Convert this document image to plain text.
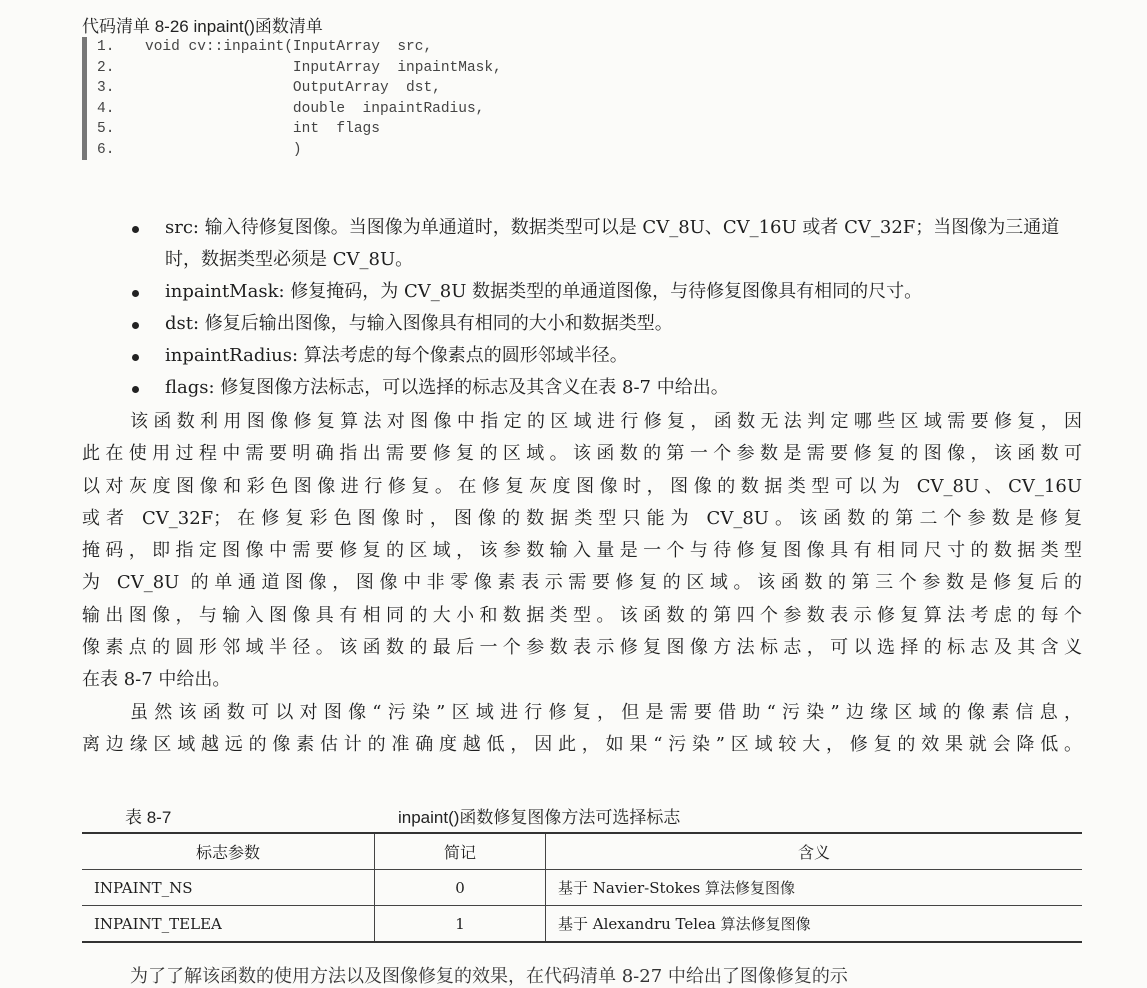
代码清单 8-26 inpaint()函数清单
1. void cv::inpaint(InputArray  src,
2.                 InputArray  inpaintMask,
3.                 OutputArray  dst,
4.                 double  inpaintRadius,
5.                 int  flags
6.                 )
src: 输入待修复图像。当图像为单通道时，数据类型可以是 CV_8U、CV_16U 或者 CV_32F；当图像为三通道时，数据类型必须是 CV_8U。
inpaintMask: 修复掩码，为 CV_8U 数据类型的单通道图像，与待修复图像具有相同的尺寸。
dst: 修复后输出图像，与输入图像具有相同的大小和数据类型。
inpaintRadius: 算法考虑的每个像素点的圆形邻域半径。
flags: 修复图像方法标志，可以选择的标志及其含义在表 8-7 中给出。
该函数利用图像修复算法对图像中指定的区域进行修复，函数无法判定哪些区域需要修复，因
此在使用过程中需要明确指出需要修复的区域。该函数的第一个参数是需要修复的图像，该函数可
以对灰度图像和彩色图像进行修复。在修复灰度图像时，图像的数据类型可以为 CV_8U、CV_16U
或者 CV_32F；在修复彩色图像时，图像的数据类型只能为 CV_8U。该函数的第二个参数是修复
掩码，即指定图像中需要修复的区域，该参数输入量是一个与待修复图像具有相同尺寸的数据类型
为 CV_8U 的单通道图像，图像中非零像素表示需要修复的区域。该函数的第三个参数是修复后的
输出图像，与输入图像具有相同的大小和数据类型。该函数的第四个参数表示修复算法考虑的每个
像素点的圆形邻域半径。该函数的最后一个参数表示修复图像方法标志，可以选择的标志及其含义
在表 8-7 中给出。
虽然该函数可以对图像“污染”区域进行修复，但是需要借助“污染”边缘区域的像素信息，
离边缘区域越远的像素估计的准确度越低，因此，如果“污染”区域较大，修复的效果就会降低。
表 8-7	inpaint()函数修复图像方法可选择标志
标志参数	简记	含义
INPAINT_NS	0	基于 Navier-Stokes 算法修复图像
INPAINT_TELEA	1	基于 Alexandru Telea 算法修复图像
为了了解该函数的使用方法以及图像修复的效果，在代码清单 8-27 中给出了图像修复的示
